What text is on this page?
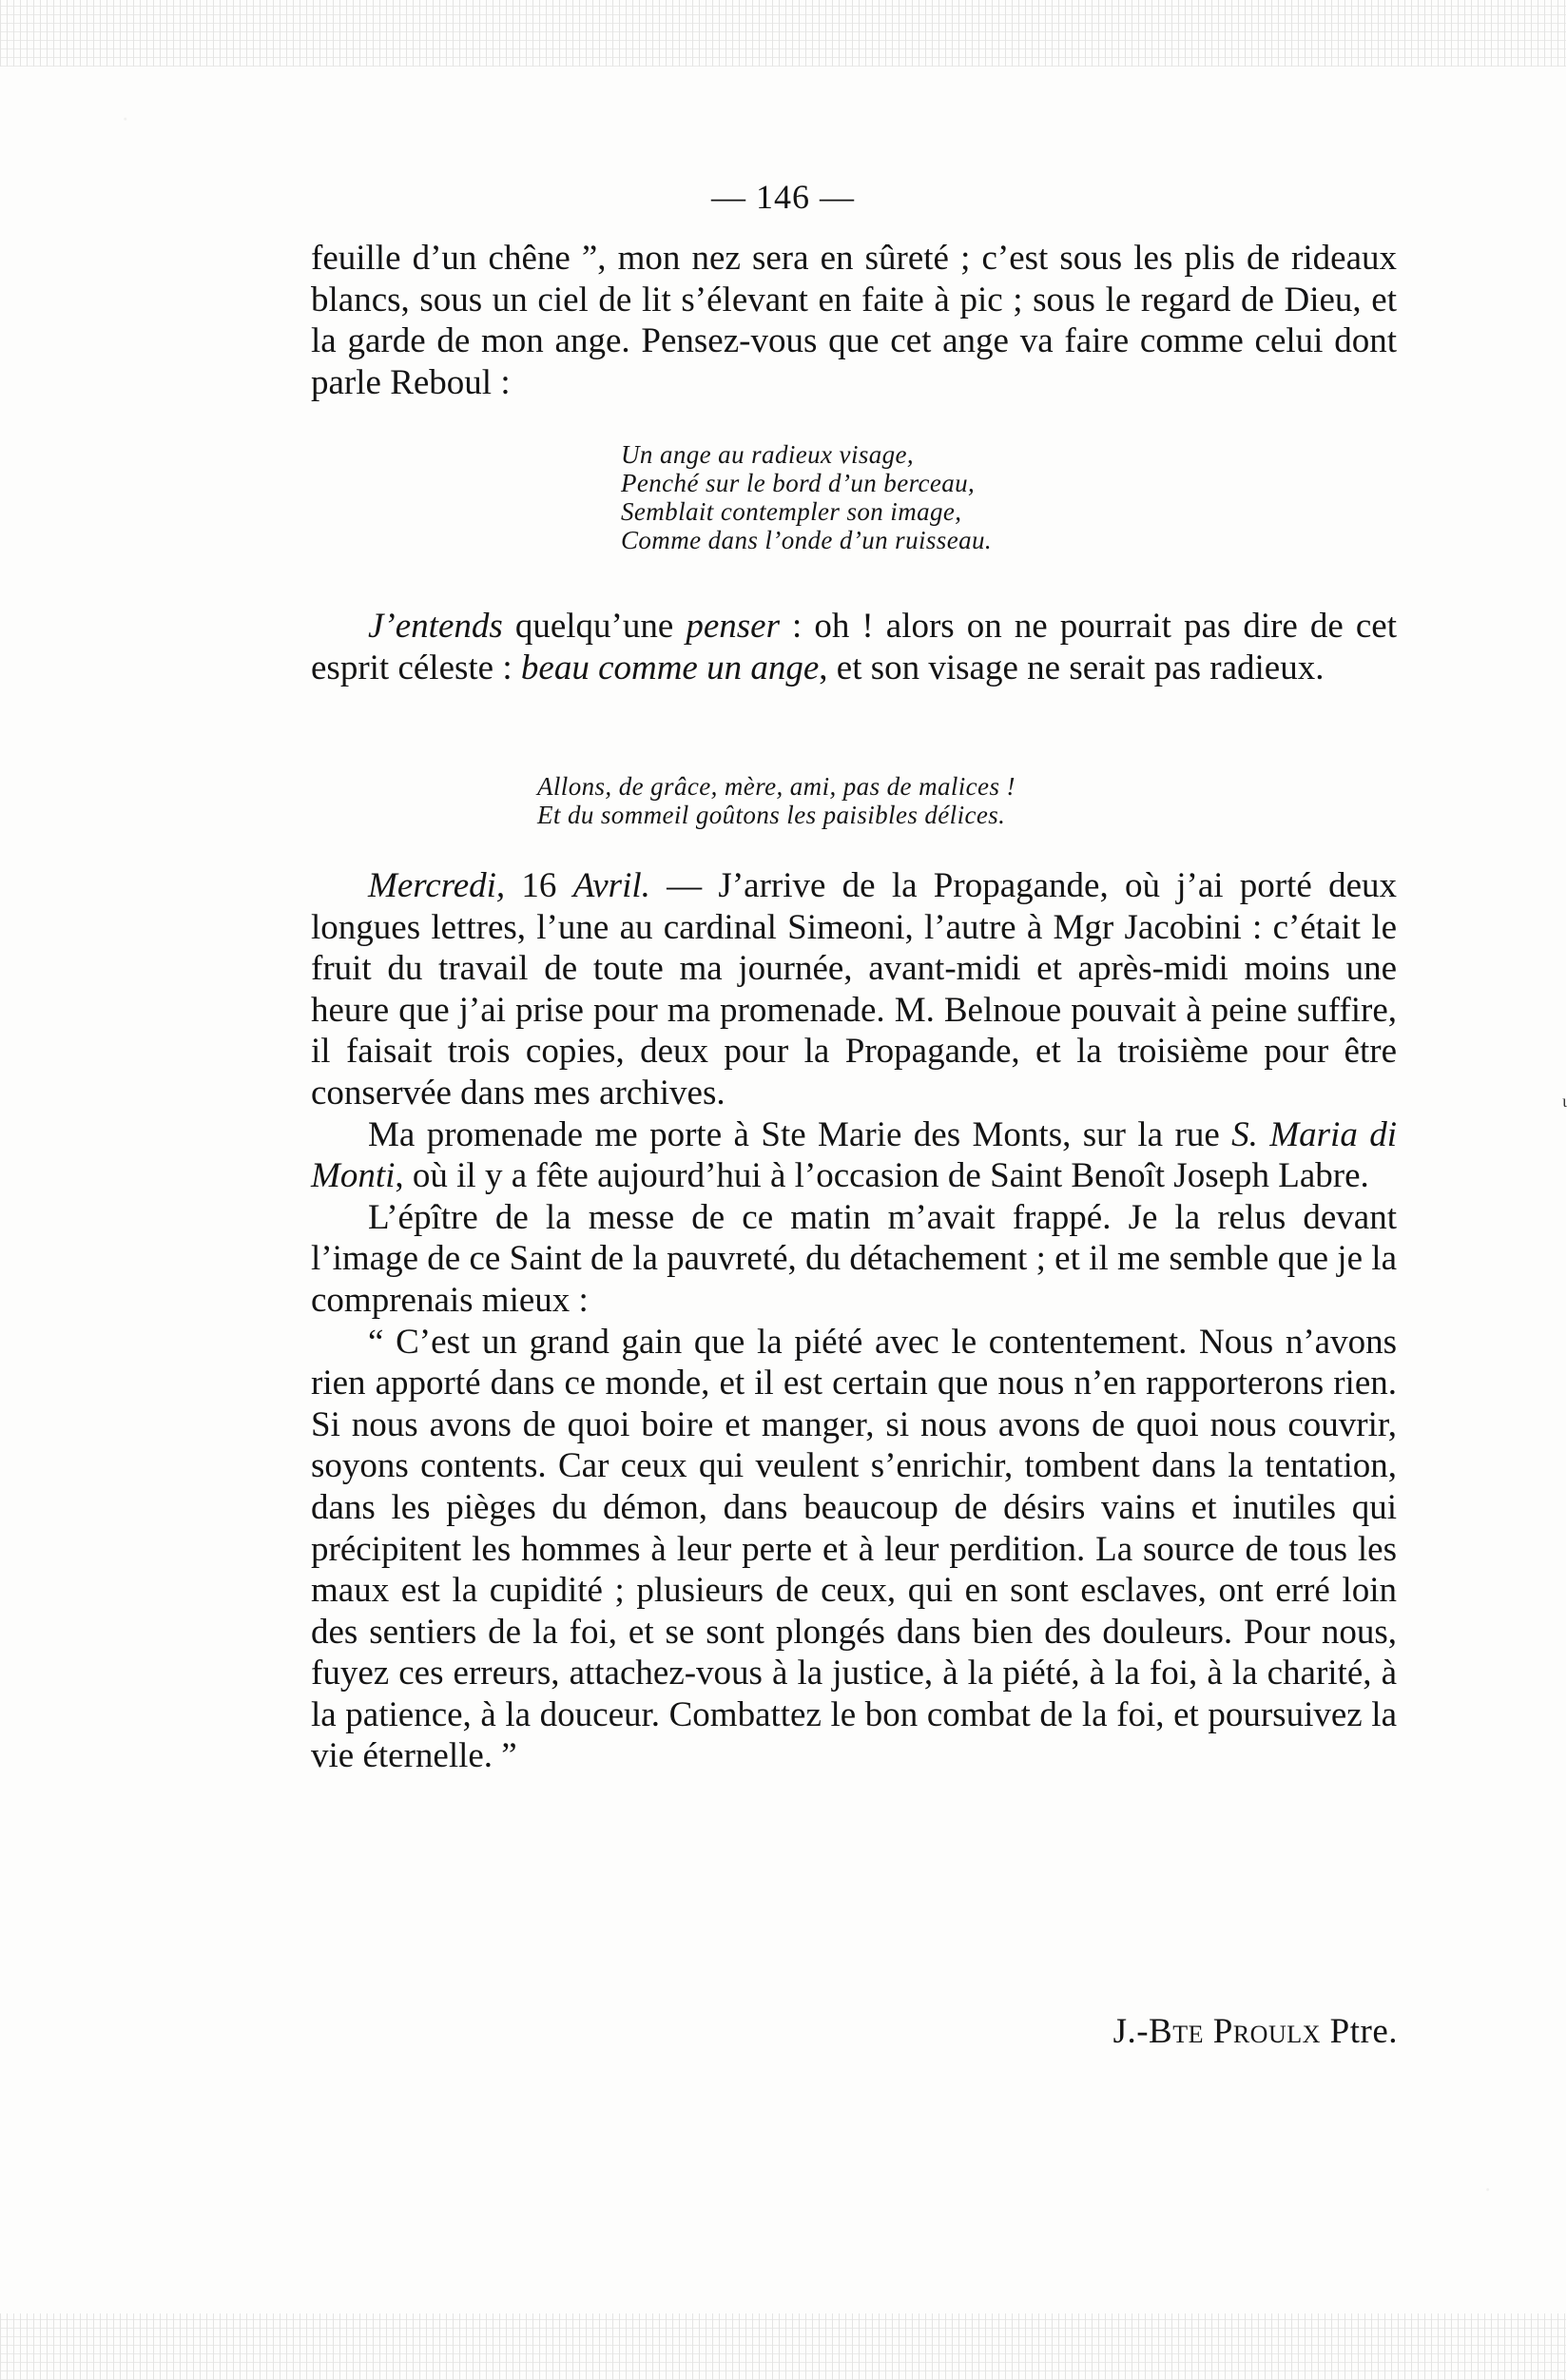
— 146 —

feuille d’un chêne ”, mon nez sera en sûreté ; c’est sous les plis de rideaux blancs, sous un ciel de lit s’élevant en faite à pic ; sous le regard de Dieu, et la garde de mon ange. Pensez-vous que cet ange va faire comme celui dont parle Reboul :

Un ange au radieux visage,
Penché sur le bord d’un berceau,
Semblait contempler son image,
Comme dans l’onde d’un ruisseau.

J’entends quelqu’une penser : oh ! alors on ne pourrait pas dire de cet esprit céleste : beau comme un ange, et son visage ne serait pas radieux.

Allons, de grâce, mère, ami, pas de malices !
Et du sommeil goûtons les paisibles délices.

Mercredi, 16 Avril. — J’arrive de la Propagande, où j’ai porté deux longues lettres, l’une au cardinal Simeoni, l’autre à Mgr Jacobini : c’était le fruit du travail de toute ma journée, avant-midi et après-midi moins une heure que j’ai prise pour ma promenade. M. Belnoue pouvait à peine suffire, il faisait trois copies, deux pour la Propagande, et la troisième pour être conservée dans mes archives.

Ma promenade me porte à Ste Marie des Monts, sur la rue S. Maria di Monti, où il y a fête aujourd’hui à l’occasion de Saint Benoît Joseph Labre.

L’épître de la messe de ce matin m’avait frappé. Je la relus devant l’image de ce Saint de la pauvreté, du détachement ; et il me semble que je la comprenais mieux :

“ C’est un grand gain que la piété avec le contentement. Nous n’avons rien apporté dans ce monde, et il est certain que nous n’en rapporterons rien. Si nous avons de quoi boire et manger, si nous avons de quoi nous couvrir, soyons contents. Car ceux qui veulent s’enrichir, tombent dans la tentation, dans les pièges du démon, dans beaucoup de désirs vains et inutiles qui précipitent les hommes à leur perte et à leur perdition. La source de tous les maux est la cupidité ; plusieurs de ceux, qui en sont esclaves, ont erré loin des sentiers de la foi, et se sont plongés dans bien des douleurs. Pour nous, fuyez ces erreurs, attachez-vous à la justice, à la piété, à la foi, à la charité, à la patience, à la douceur. Combattez le bon combat de la foi, et poursuivez la vie éternelle. ”

J.-Bte Proulx Ptre.
ι
